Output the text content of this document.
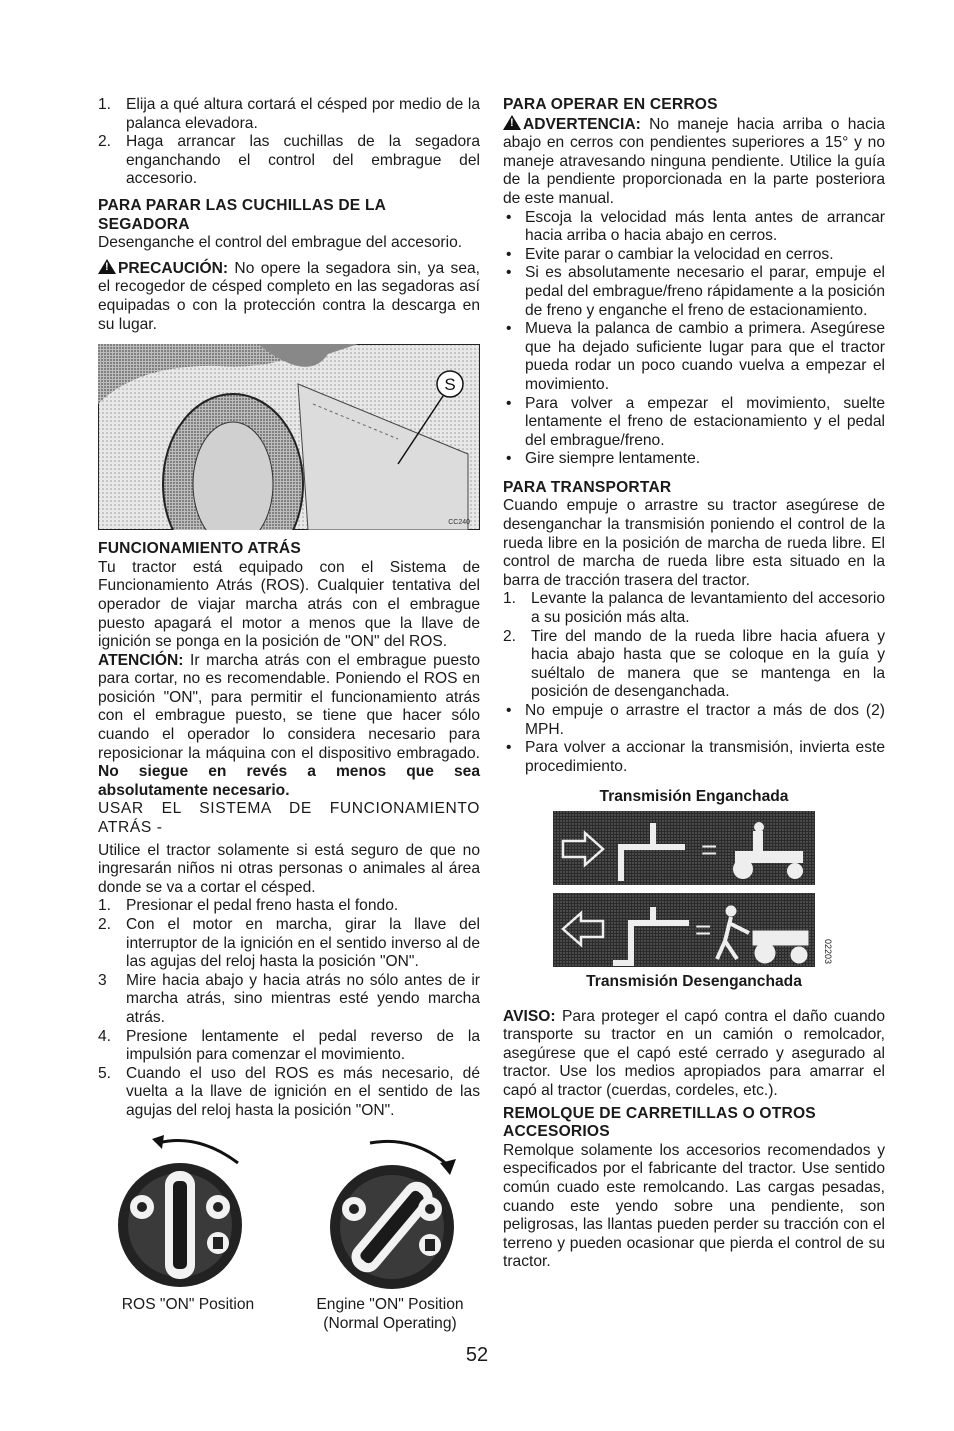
1. Elija a qué altura cortará el césped por medio de la palanca elevadora.
2. Haga arrancar las cuchillas de la segadora enganchando el control del embrague del accesorio.

PARA PARAR LAS CUCHILLAS DE LA SEGADORA

Desenganche el control del embrague del accesorio.

!PRECAUCIÓN: No opere la segadora sin, ya sea, el recogedor de césped completo en las segadoras así equipadas o con la protección contra la descarga en su lugar.

S
CC240

FUNCIONAMIENTO ATRÁS

Tu tractor está equipado con el Sistema de Funcionamiento Atrás (ROS). Cualquier tentativa del operador de viajar marcha atrás con el embrague puesto apagará el motor a menos que la llave de ignición se ponga en la posición de "ON" del ROS.

ATENCIÓN: Ir marcha atrás con el embrague puesto para cortar, no es recomendable. Poniendo el ROS en posición "ON", para permitir el funcionamiento atrás con el embrague puesto, se tiene que hacer sólo cuando el operador lo considera necesario para reposicionar la máquina con el dispositivo embragado. No siegue en revés a menos que sea absolutamente necesario.

USAR EL SISTEMA DE FUNCIONAMIENTO ATRÁS -

Utilice el tractor solamente si está seguro de que no ingresarán niños ni otras personas o animales al área donde se va a cortar el césped.

1. Presionar el pedal freno hasta el fondo.
2. Con el motor en marcha, girar la llave del interruptor de la ignición en el sentido inverso al de las agujas del reloj hasta la posición "ON".
3	Mire hacia abajo y hacia atrás no sólo antes de ir marcha atrás, sino mientras esté yendo marcha atrás.
4. Presione lentamente el pedal reverso de la impulsión para comenzar el movimiento.
5. Cuando el uso del ROS es más necesario, dé vuelta a la llave de ignición en el sentido de las agujas del reloj hasta la posición "ON".
ROS "ON" Position	Engine "ON" Position
(Normal Operating)

PARA OPERAR EN CERROS

!ADVERTENCIA: No maneje hacia arriba o hacia abajo en cerros con pendientes superiores a 15° y no maneje atravesando ninguna pendiente. Utilice la guía de la pendiente proporcionada en la parte posteriora de este manual.

• Escoja la velocidad más lenta antes de arrancar hacia arriba o hacia abajo en cerros.
• Evite parar o cambiar la velocidad en cerros.
• Si es absolutamente necesario el parar, empuje el pedal del embrague/freno rápidamente a la posición de freno y enganche el freno de estacionamiento.
• Mueva la palanca de cambio a primera. Asegúrese que ha dejado suficiente lugar para que el tractor pueda rodar un poco cuando vuelva a empezar el movimiento.
• Para volver a empezar el movimiento, suelte lentamente el freno de estacionamiento y el pedal del embrague/freno.
• Gire siempre lentamente.

PARA TRANSPORTAR

Cuando empuje o arrastre su tractor asegúrese de desenganchar la transmisión poniendo el control de la rueda libre en la posición de marcha de rueda libre. El control de marcha de rueda libre esta situado en la barra de tracción trasera del tractor.

1. Levante la palanca de levantamiento del accesorio a su posición más alta.
2. Tire del mando de la rueda libre hacia afuera y hacia abajo hasta que se coloque en la guía y suéltalo de manera que se mantenga en la posición de desenganchada.
• No empuje o arrastre el tractor a más de dos (2) MPH.
• Para volver a accionar la transmisión, invierta este procedimiento.
Transmisión Enganchada
=
=
02203
Transmisión Desenganchada

AVISO: Para proteger el capó contra el daño cuando transporte su tractor en un camión o remolcador, asegúrese que el capó esté cerrado y asegurado al tractor. Use los medios apropiados para amarrar el capó al tractor (cuerdas, cordeles, etc.).

REMOLQUE DE CARRETILLAS O OTROS ACCESORIOS

Remolque solamente los accesorios recomendados y especificados por el fabricante del tractor. Use sentido común cuado este remolcando. Las cargas pesadas, cuando este yendo sobre una pendiente, son peligrosas, las llantas pueden perder su tracción con el terreno y pueden ocasionar que pierda el control de su tractor.

52
